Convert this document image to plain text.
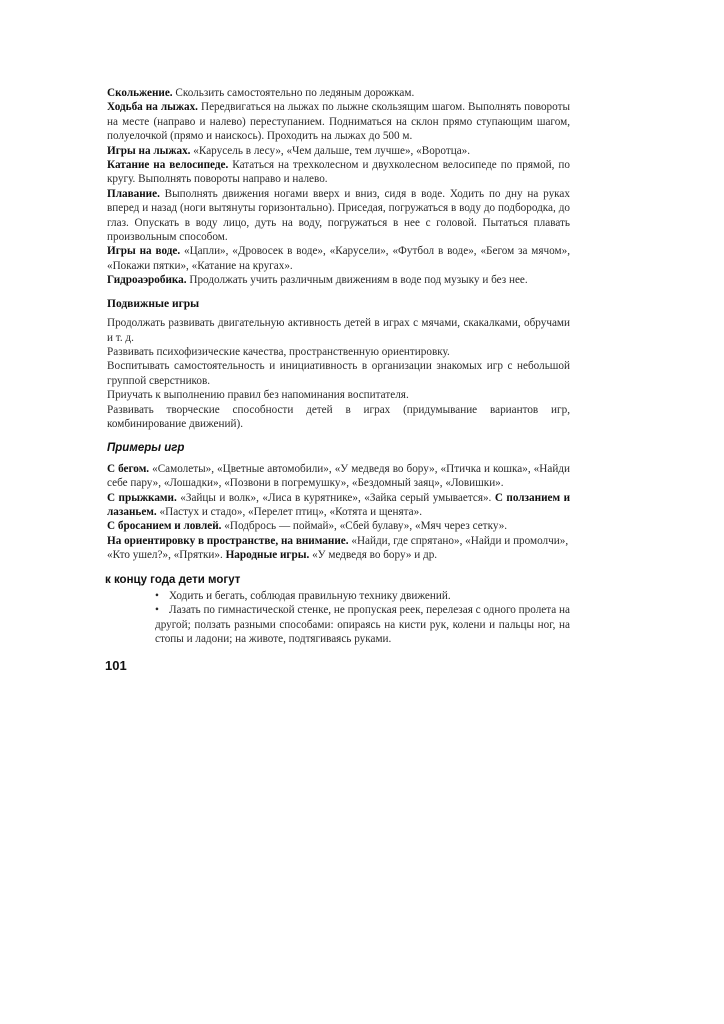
Скольжение. Скользить самостоятельно по ледяным дорожкам.

Ходьба на лыжах. Передвигаться на лыжах по лыжне скользящим шагом. Выполнять повороты на месте (направо и налево) переступанием. Подниматься на склон прямо ступающим шагом, полуелочкой (прямо и наискось). Проходить на лыжах до 500 м.

Игры на лыжах. «Карусель в лесу», «Чем дальше, тем лучше», «Воротца».

Катание на велосипеде. Кататься на трехколесном и двухколесном велосипеде по прямой, по кругу. Выполнять повороты направо и налево.

Плавание. Выполнять движения ногами вверх и вниз, сидя в воде. Ходить по дну на руках вперед и назад (ноги вытянуты горизонтально). Приседая, погружаться в воду до подбородка, до глаз. Опускать в воду лицо, дуть на воду, погружаться в нее с головой. Пытаться плавать произвольным способом.

Игры на воде. «Цапли», «Дровосек в воде», «Карусели», «Футбол в воде», «Бегом за мячом», «Покажи пятки», «Катание на кругах».

Гидроаэробика. Продолжать учить различным движениям в воде под музыку и без нее.

Подвижные игры

Продолжать развивать двигательную активность детей в играх с мячами, скакалками, обручами и т. д.

Развивать психофизические качества, пространственную ориентировку.

Воспитывать самостоятельность и инициативность в организации знакомых игр с небольшой группой сверстников.

Приучать к выполнению правил без напоминания воспитателя.

Развивать творческие способности детей в играх (придумывание вариантов игр, комбинирование движений).

Примеры игр

С бегом. «Самолеты», «Цветные автомобили», «У медведя во бору», «Птичка и кошка», «Найди себе пару», «Лошадки», «Позвони в погремушку», «Бездомный заяц», «Ловишки».

С прыжками. «Зайцы и волк», «Лиса в курятнике», «Зайка серый умывается». С ползанием и лазаньем. «Пастух и стадо», «Перелет птиц», «Котята и щенята».

С бросанием и ловлей. «Подбрось — поймай», «Сбей булаву», «Мяч через сетку».

На ориентировку в пространстве, на внимание. «Найди, где спрятано», «Найди и промолчи», «Кто ушел?», «Прятки». Народные игры. «У медведя во бору» и др.

к концу года дети могут
• Ходить и бегать, соблюдая правильную технику движений.
• Лазать по гимнастической стенке, не пропуская реек, перелезая с одного пролета на другой; ползать разными способами: опираясь на кисти рук, колени и пальцы ног, на стопы и ладони; на животе, подтягиваясь руками.
101
